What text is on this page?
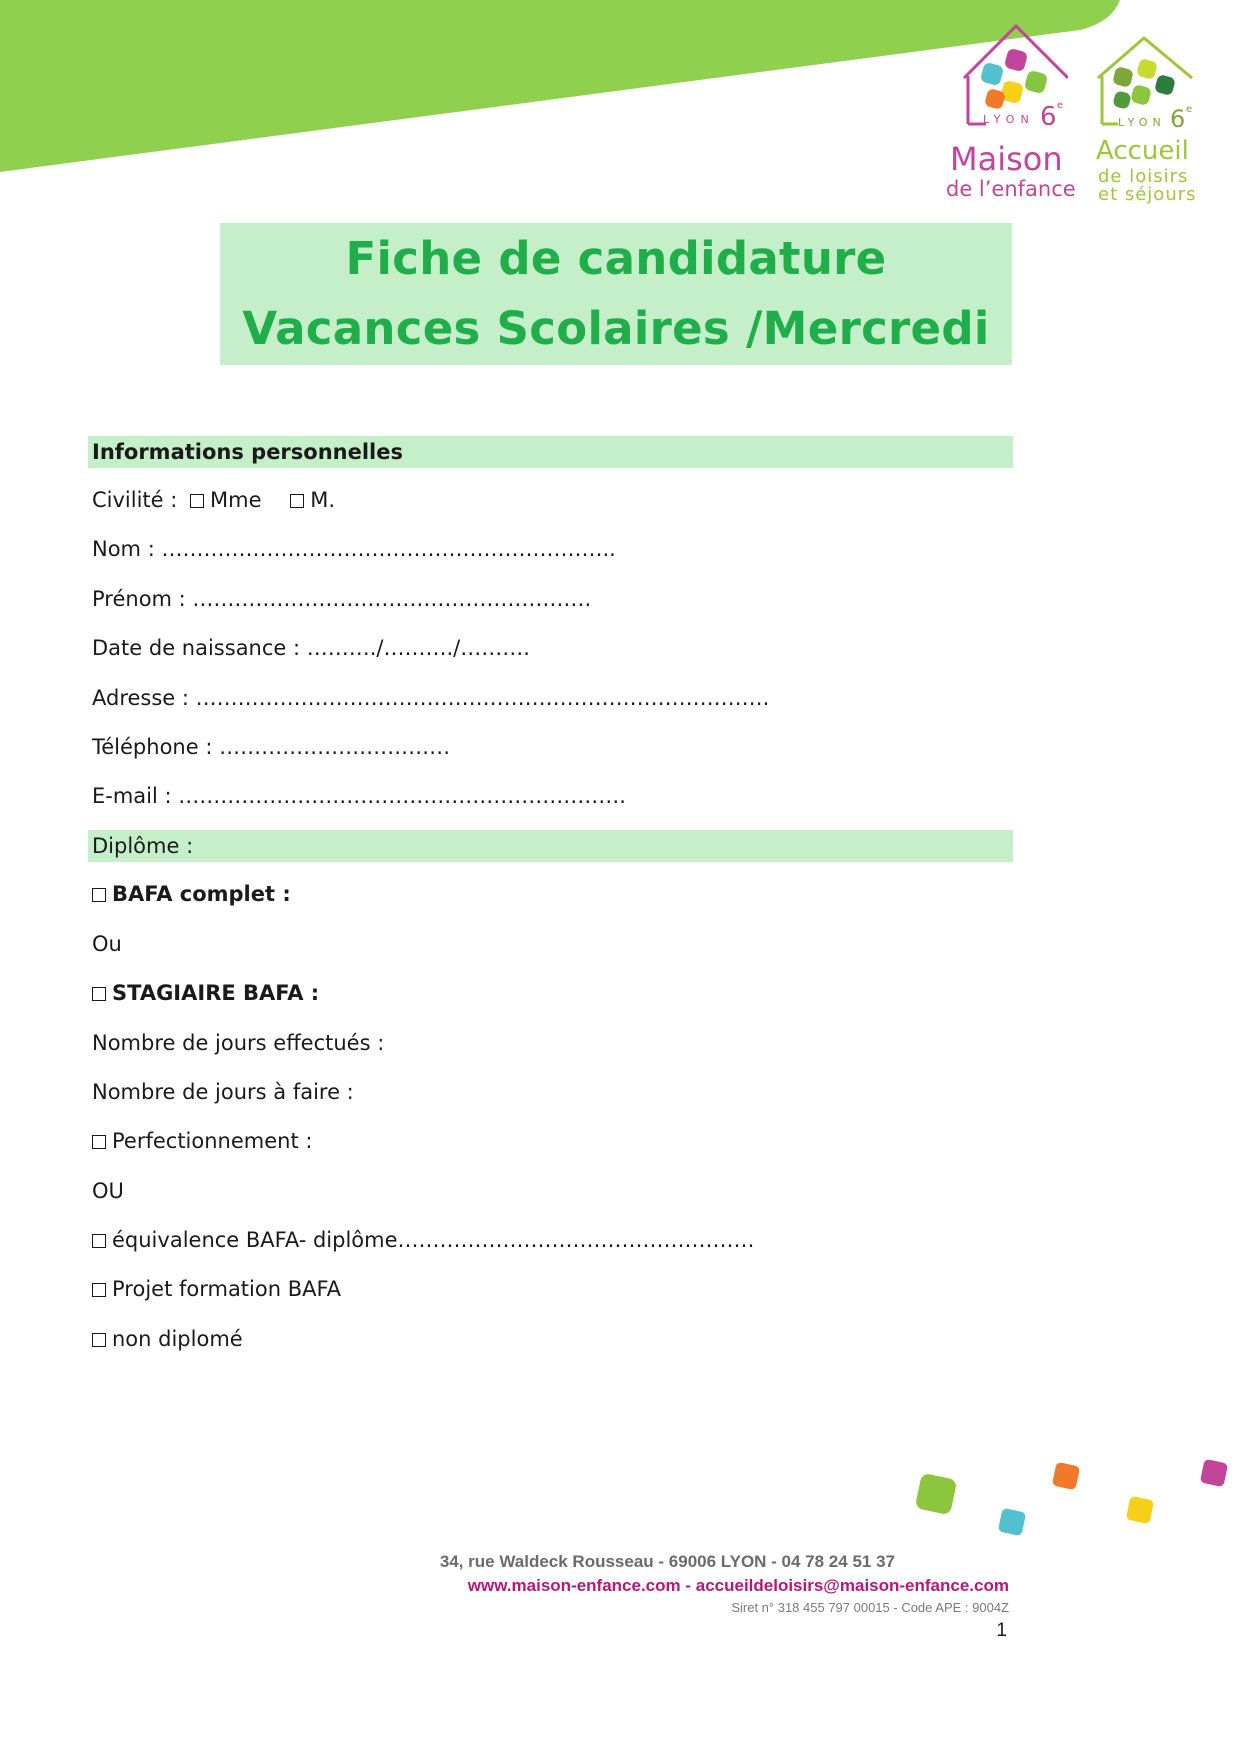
LYON 6 e
Maison
de l’enfance
LYON 6 e
Accueil
de loisirs
et séjours
Fiche de candidature
Vacances Scolaires /Mercredi
Informations personnelles
Civilité : Mme M.
Nom : ………………………………………………………..
Prénom : …………………………………………………
Date de naissance : ………./………./……….
Adresse : ……………………………………………………………………….
Téléphone : ……………………………
E-mail : ……………………………………………………….
Diplôme :
BAFA complet :
Ou
STAGIAIRE BAFA :
Nombre de jours effectués :
Nombre de jours à faire :
Perfectionnement :
OU
équivalence BAFA- diplôme……………………………………………
Projet formation BAFA
non diplomé
34, rue Waldeck Rousseau - 69006 LYON - 04 78 24 51 37
www.maison-enfance.com - accueildeloisirs@maison-enfance.com
Siret n° 318 455 797 00015 - Code APE : 9004Z
1
